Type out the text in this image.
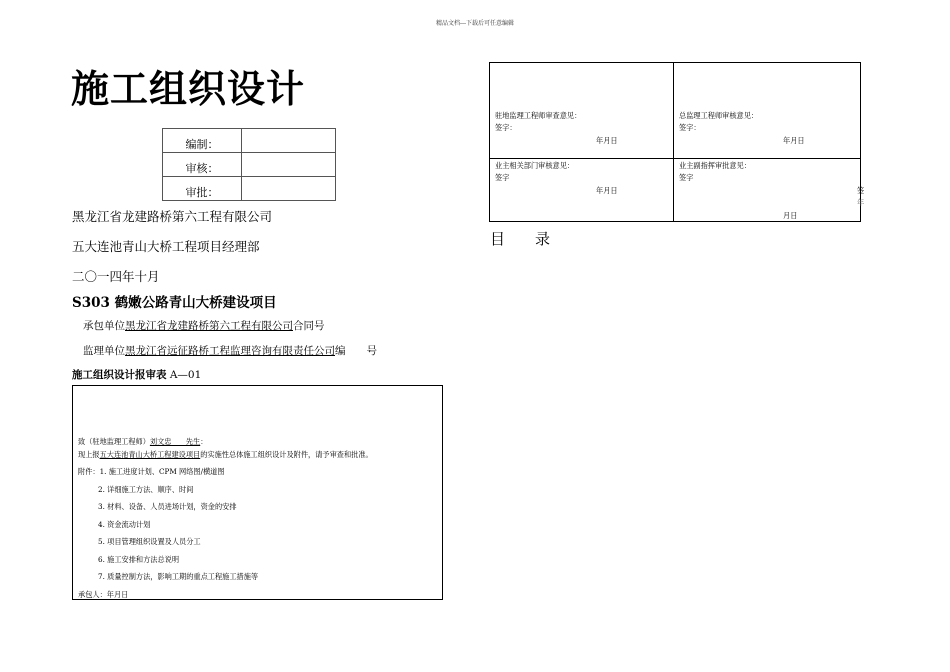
精品文档---下载后可任意编辑
施工组织设计
编制：	
审核：	
审批：	
黑龙江省龙建路桥第六工程有限公司
五大连池青山大桥工程项目经理部
二〇一四年十月
S303 鹤嫩公路青山大桥建设项目
承包单位黑龙江省龙建路桥第六工程有限公司合同号
监理单位黑龙江省远征路桥工程监理咨询有限责任公司编　　号
施工组织设计报审表 A—01
致（驻地监理工程师）刘文忠　　先生：
现上报五大连池青山大桥工程建设项目的实施性总体施工组织设计及附件，请予审查和批准。
附件：1. 施工进度计划、CPM 网络图/横道图
2. 详细施工方法、顺序、时间
3. 材料、设备、人员进场计划，资金的安排
4. 资金流动计划
5. 项目管理组织设置及人员分工
6. 施工安排和方法总说明
7. 质量控制方法，影响工期的重点工程施工措施等
承包人：年月日
驻地监理工程师审查意见：
签字：
年月日
总监理工程师审核意见：
签字：
年月日
业主相关部门审核意见：
签字
年月日
业主副指挥审批意见：
签字
签
年
月日
目　　录
